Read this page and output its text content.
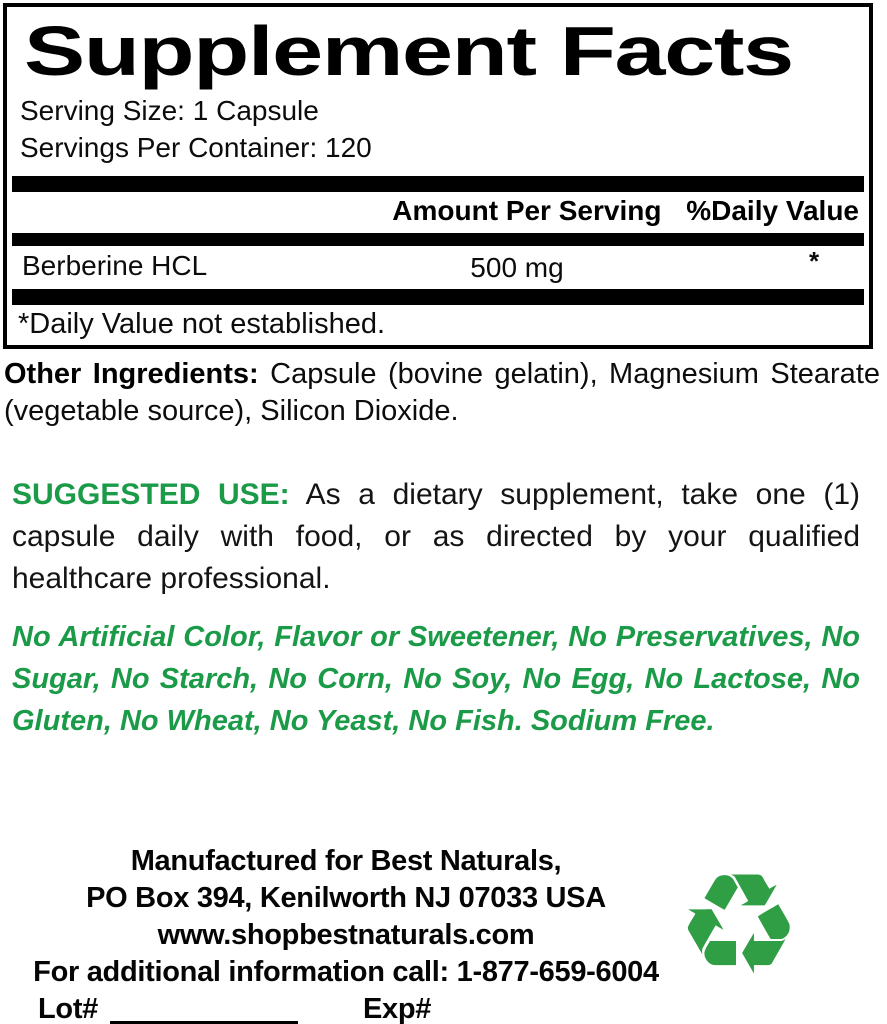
Supplement Facts
Serving Size: 1 Capsule
Servings Per Container: 120
Amount Per Serving %Daily Value
Berberine HCL	500 mg	*
*Daily Value not established.
Other Ingredients: Capsule (bovine gelatin), Magnesium Stearate (vegetable source), Silicon Dioxide.
SUGGESTED USE: As a dietary supplement, take one (1) capsule daily with food, or as directed by your qualified healthcare professional.
No Artificial Color, Flavor or Sweetener, No Preservatives, No Sugar, No Starch, No Corn, No Soy, No Egg, No Lactose, No Gluten, No Wheat, No Yeast, No Fish. Sodium Free.
Manufactured for Best Naturals,
PO Box 394, Kenilworth NJ 07033 USA
www.shopbestnaturals.com
For additional information call: 1-877-659-6004
Lot#	Exp#
♻
